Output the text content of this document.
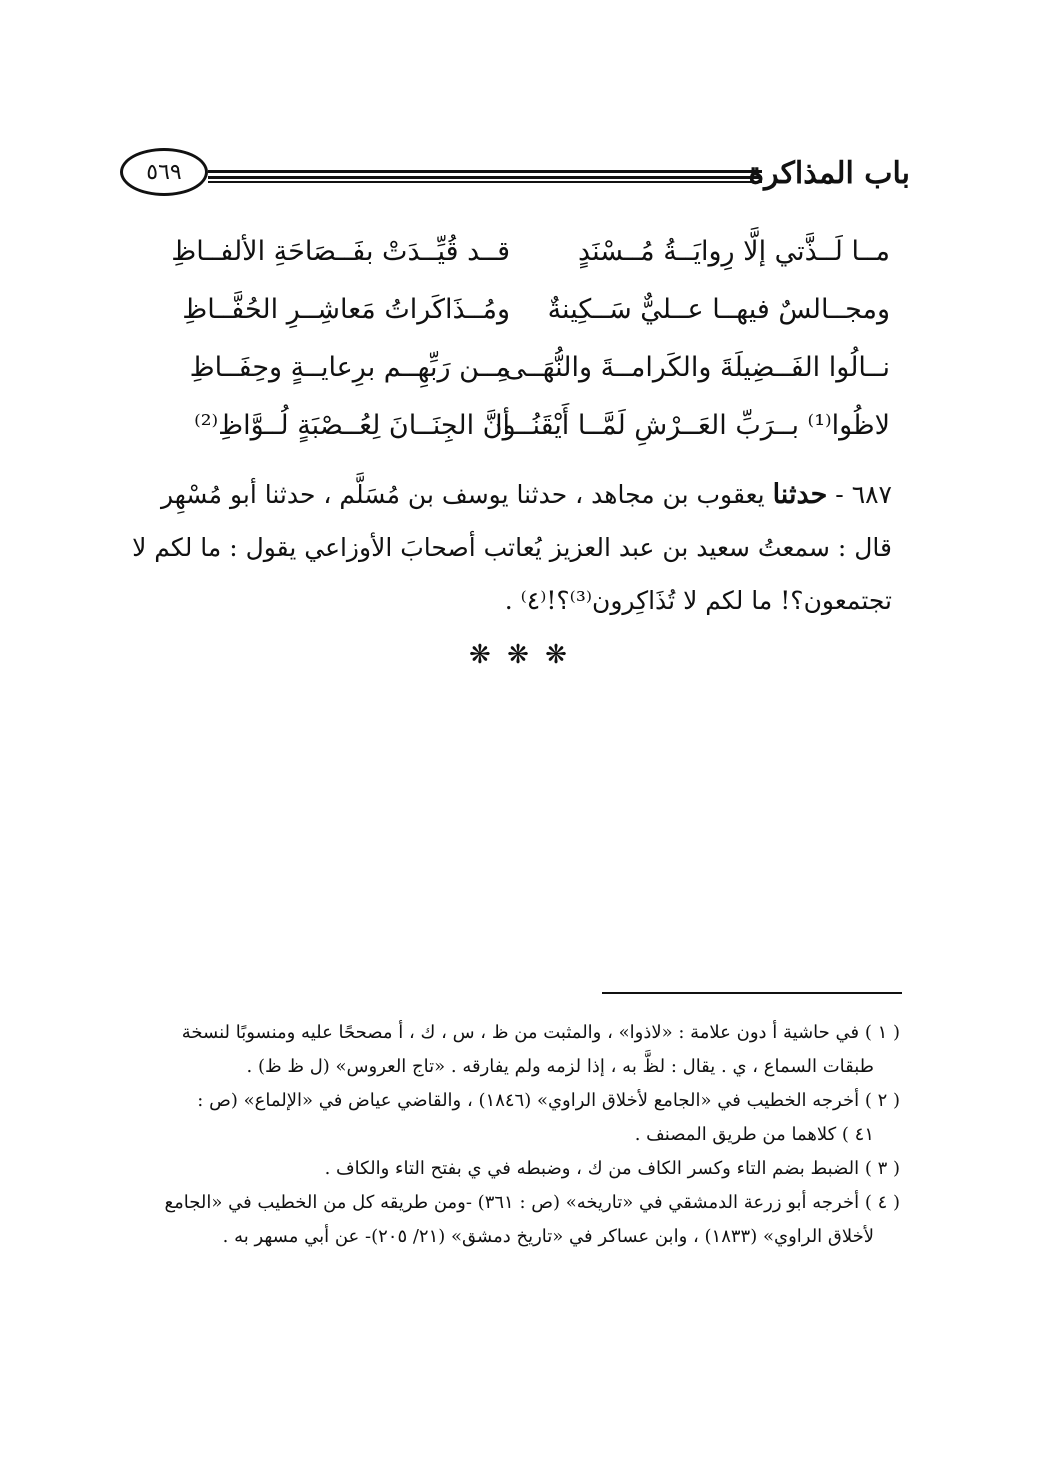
٥٦٩	باب المذاكرة
مــا لَــذَّتي إلَّا رِوايَــةُ مُــسْنَدٍ
قــد قُيِّــدَتْ بفَــصَاحَةِ الألفــاظِ
ومجــالسٌ فيهــا عــليٌّ سَــكِينةٌ
ومُــذَاكَراتُ مَعاشِــرِ الحُفَّــاظِ
نــالُوا الفَــضِيلَةَ والكَرامــةَ والنُّهَــى
مِــن رَبِّهِــم برِعايــةٍ وحِفَــاظِ
لاظُوا⁽¹⁾ بــرَبِّ العَــرْشِ لَمَّــا أَيْقَنُــوا
أنَّ الجِنَــانَ لِعُــصْبَةٍ لُــوَّاظِ⁽²⁾
٦٨٧ - حدثنا يعقوب بن مجاهد ، حدثنا يوسف بن مُسَلَّم ، حدثنا أبو مُسْهِر
قال : سمعتُ سعيد بن عبد العزيز يُعاتب أصحابَ الأوزاعي يقول : ما لكم لا
تجتمعون؟! ما لكم لا تُذَاكِرون⁽³⁾؟!⁽٤⁾ .
❋ ❋ ❋
( ١ ) في حاشية أ دون علامة : «لاذوا» ، والمثبت من ظ ، س ، ك ، أ مصححًا عليه ومنسوبًا لنسخة
طبقات السماع ، ي . يقال : لظَّ به ، إذا لزمه ولم يفارقه . «تاج العروس» (ل ظ ظ) .
( ٢ ) أخرجه الخطيب في «الجامع لأخلاق الراوي» (١٨٤٦) ، والقاضي عياض في «الإلماع» (ص :
٤١ ) كلاهما من طريق المصنف .
( ٣ ) الضبط بضم التاء وكسر الكاف من ك ، وضبطه في ي بفتح التاء والكاف .
( ٤ ) أخرجه أبو زرعة الدمشقي في «تاريخه» (ص : ٣٦١) -ومن طريقه كل من الخطيب في «الجامع
لأخلاق الراوي» (١٨٣٣) ، وابن عساكر في «تاريخ دمشق» (٢١/ ٢٠٥)- عن أبي مسهر به .
